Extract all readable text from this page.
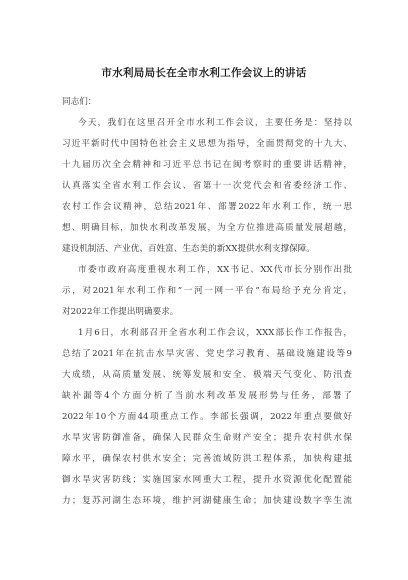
市水利局局长在全市水利工作会议上的讲话
同志们：
今天，我们在这里召开全市水利工作会议，主要任务是：坚持以
习近平新时代中国特色社会主义思想为指导，全面贯彻党的十九大、
十九届历次全会精神和习近平总书记在闽考察时的重要讲话精神，
认真落实全省水利工作会议、省第十一次党代会和省委经济工作、
农村工作会议精神，总结2021年、部署2022年水利工作，统一思
想、明确目标，加快水利改革发展，为全方位推进高质量发展超越，
建设机制活、产业优、百姓富、生态美的新XX提供水利支撑保障。
市委市政府高度重视水利工作，XX书记、XX代市长分别作出批
示，对2021年水利工作和”一河一网一平台”布局给予充分肯定，
对2022年工作提出明确要求。
1月6日，水利部召开全省水利工作会议，XXX部长作工作报告，
总结了2021年在抗击水旱灾害、党史学习教育、基础设施建设等9
大成绩，从高质量发展、统筹发展和安全、极端天气变化、防汛查
缺补漏等4个方面分析了当前水利改革发展形势与任务，部署了
2022年10个方面44项重点工作。李部长强调，2022年重点要做好
水旱灾害防御准备，确保人民群众生命财产安全；提升农村供水保
障水平，确保农村供水安全；完善流域防洪工程体系，加快构建抵
御水旱灾害防线；实施国家水网重大工程，提升水资源优化配置能
力；复苏河湖生态环境，维护河湖健康生命；加快建设数字孪生流
